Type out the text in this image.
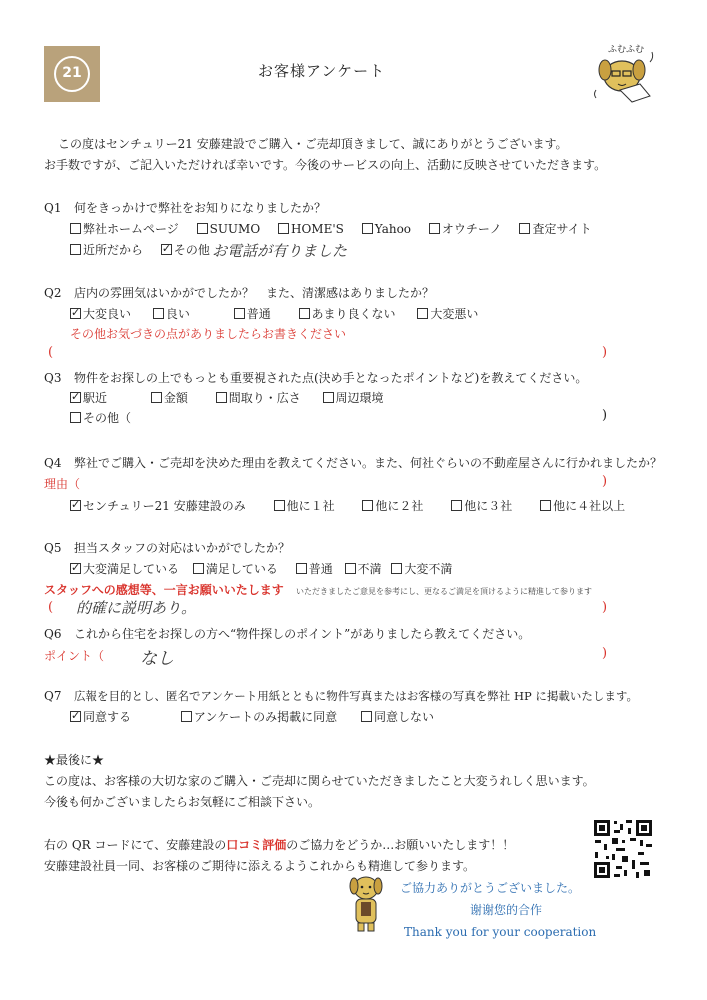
21	お客様アンケート
ふむふむ
この度はセンチュリー21 安藤建設でご購入・ご売却頂きまして、誠にありがとうございます。
お手数ですが、ご記入いただければ幸いです。今後のサービスの向上、活動に反映させていただきます。
Q1 何をきっかけで弊社をお知りになりましたか？
弊社ホームページ	SUUMO	HOME'S	Yahoo	オウチーノ	査定サイト
近所だから ✓	その他 お電話が有りました
Q2 店内の雰囲気はいかがでしたか？　また、清潔感はありましたか？
✓大変良い	良い	普通	あまり良くない	大変悪い
その他お気づきの点がありましたらお書きください
(	)
Q3 物件をお探しの上でもっとも重要視された点(決め手となったポイントなど)を教えてください。
✓駅近	金額	間取り・広さ	周辺環境
その他（	)
Q4 弊社でご購入・ご売却を決めた理由を教えてください。また、何社ぐらいの不動産屋さんに行かれましたか？
理由（	)
✓センチュリー21 安藤建設のみ	他に１社	他に２社	他に３社	他に４社以上
Q5 担当スタッフの対応はいかがでしたか？
✓大変満足している 満足している	普通 不満 大変不満
スタッフへの感想等、一言お願いいたします いただきましたご意見を参考にし、更なるご満足を頂けるように精進して参ります
( 的確に説明あり。	)
Q6 これから住宅をお探しの方へ“物件探しのポイント”がありましたら教えてください。
ポイント（ なし	)
Q7 広報を目的とし、匿名でアンケート用紙とともに物件写真またはお客様の写真を弊社 HP に掲載いたします。
✓同意する	アンケートのみ掲載に同意	同意しない
★最後に★
この度は、お客様の大切な家のご購入・ご売却に関らせていただきましたこと大変うれしく思います。
今後も何かございましたらお気軽にご相談下さい。
右の QR コードにて、安藤建設の口コミ評価のご協力をどうか…お願いいたします！！
安藤建設社員一同、お客様のご期待に添えるようこれからも精進して参ります。
ご協力ありがとうございました。
谢谢您的合作
Thank you for your cooperation
